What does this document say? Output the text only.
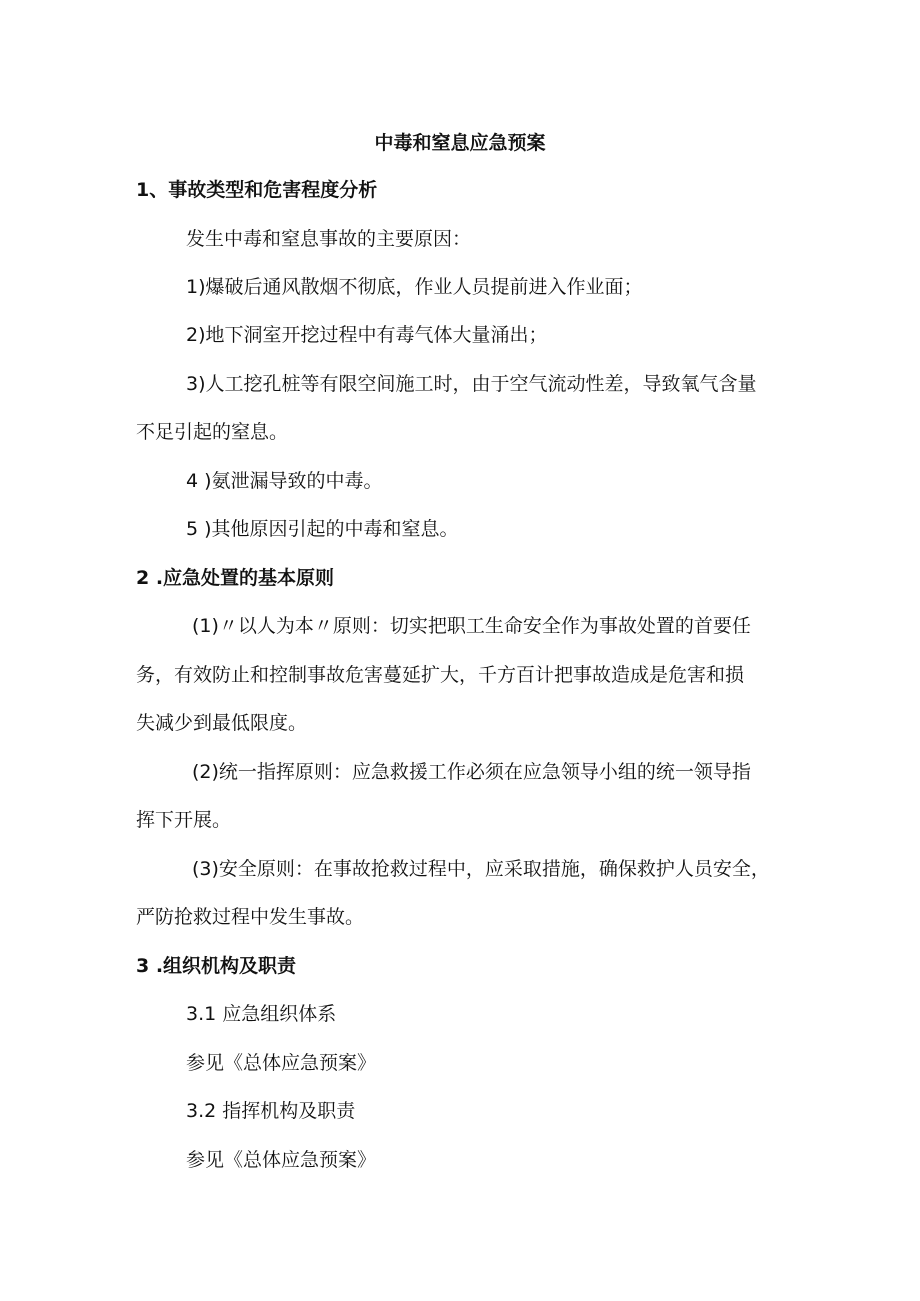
中毒和窒息应急预案
1、事故类型和危害程度分析
发生中毒和窒息事故的主要原因：
1)爆破后通风散烟不彻底，作业人员提前进入作业面；
2)地下洞室开挖过程中有毒气体大量涌出；
3)人工挖孔桩等有限空间施工时，由于空气流动性差，导致氧气含量
不足引起的窒息。
4 )氨泄漏导致的中毒。
5 )其他原因引起的中毒和窒息。
2 .应急处置的基本原则
(1)〃以人为本〃原则：切实把职工生命安全作为事故处置的首要任
务，有效防止和控制事故危害蔓延扩大，千方百计把事故造成是危害和损
失减少到最低限度。
(2)统一指挥原则：应急救援工作必须在应急领导小组的统一领导指
挥下开展。
(3)安全原则：在事故抢救过程中，应采取措施，确保救护人员安全，
严防抢救过程中发生事故。
3 .组织机构及职责
3.1 应急组织体系
参见《总体应急预案》
3.2 指挥机构及职责
参见《总体应急预案》
